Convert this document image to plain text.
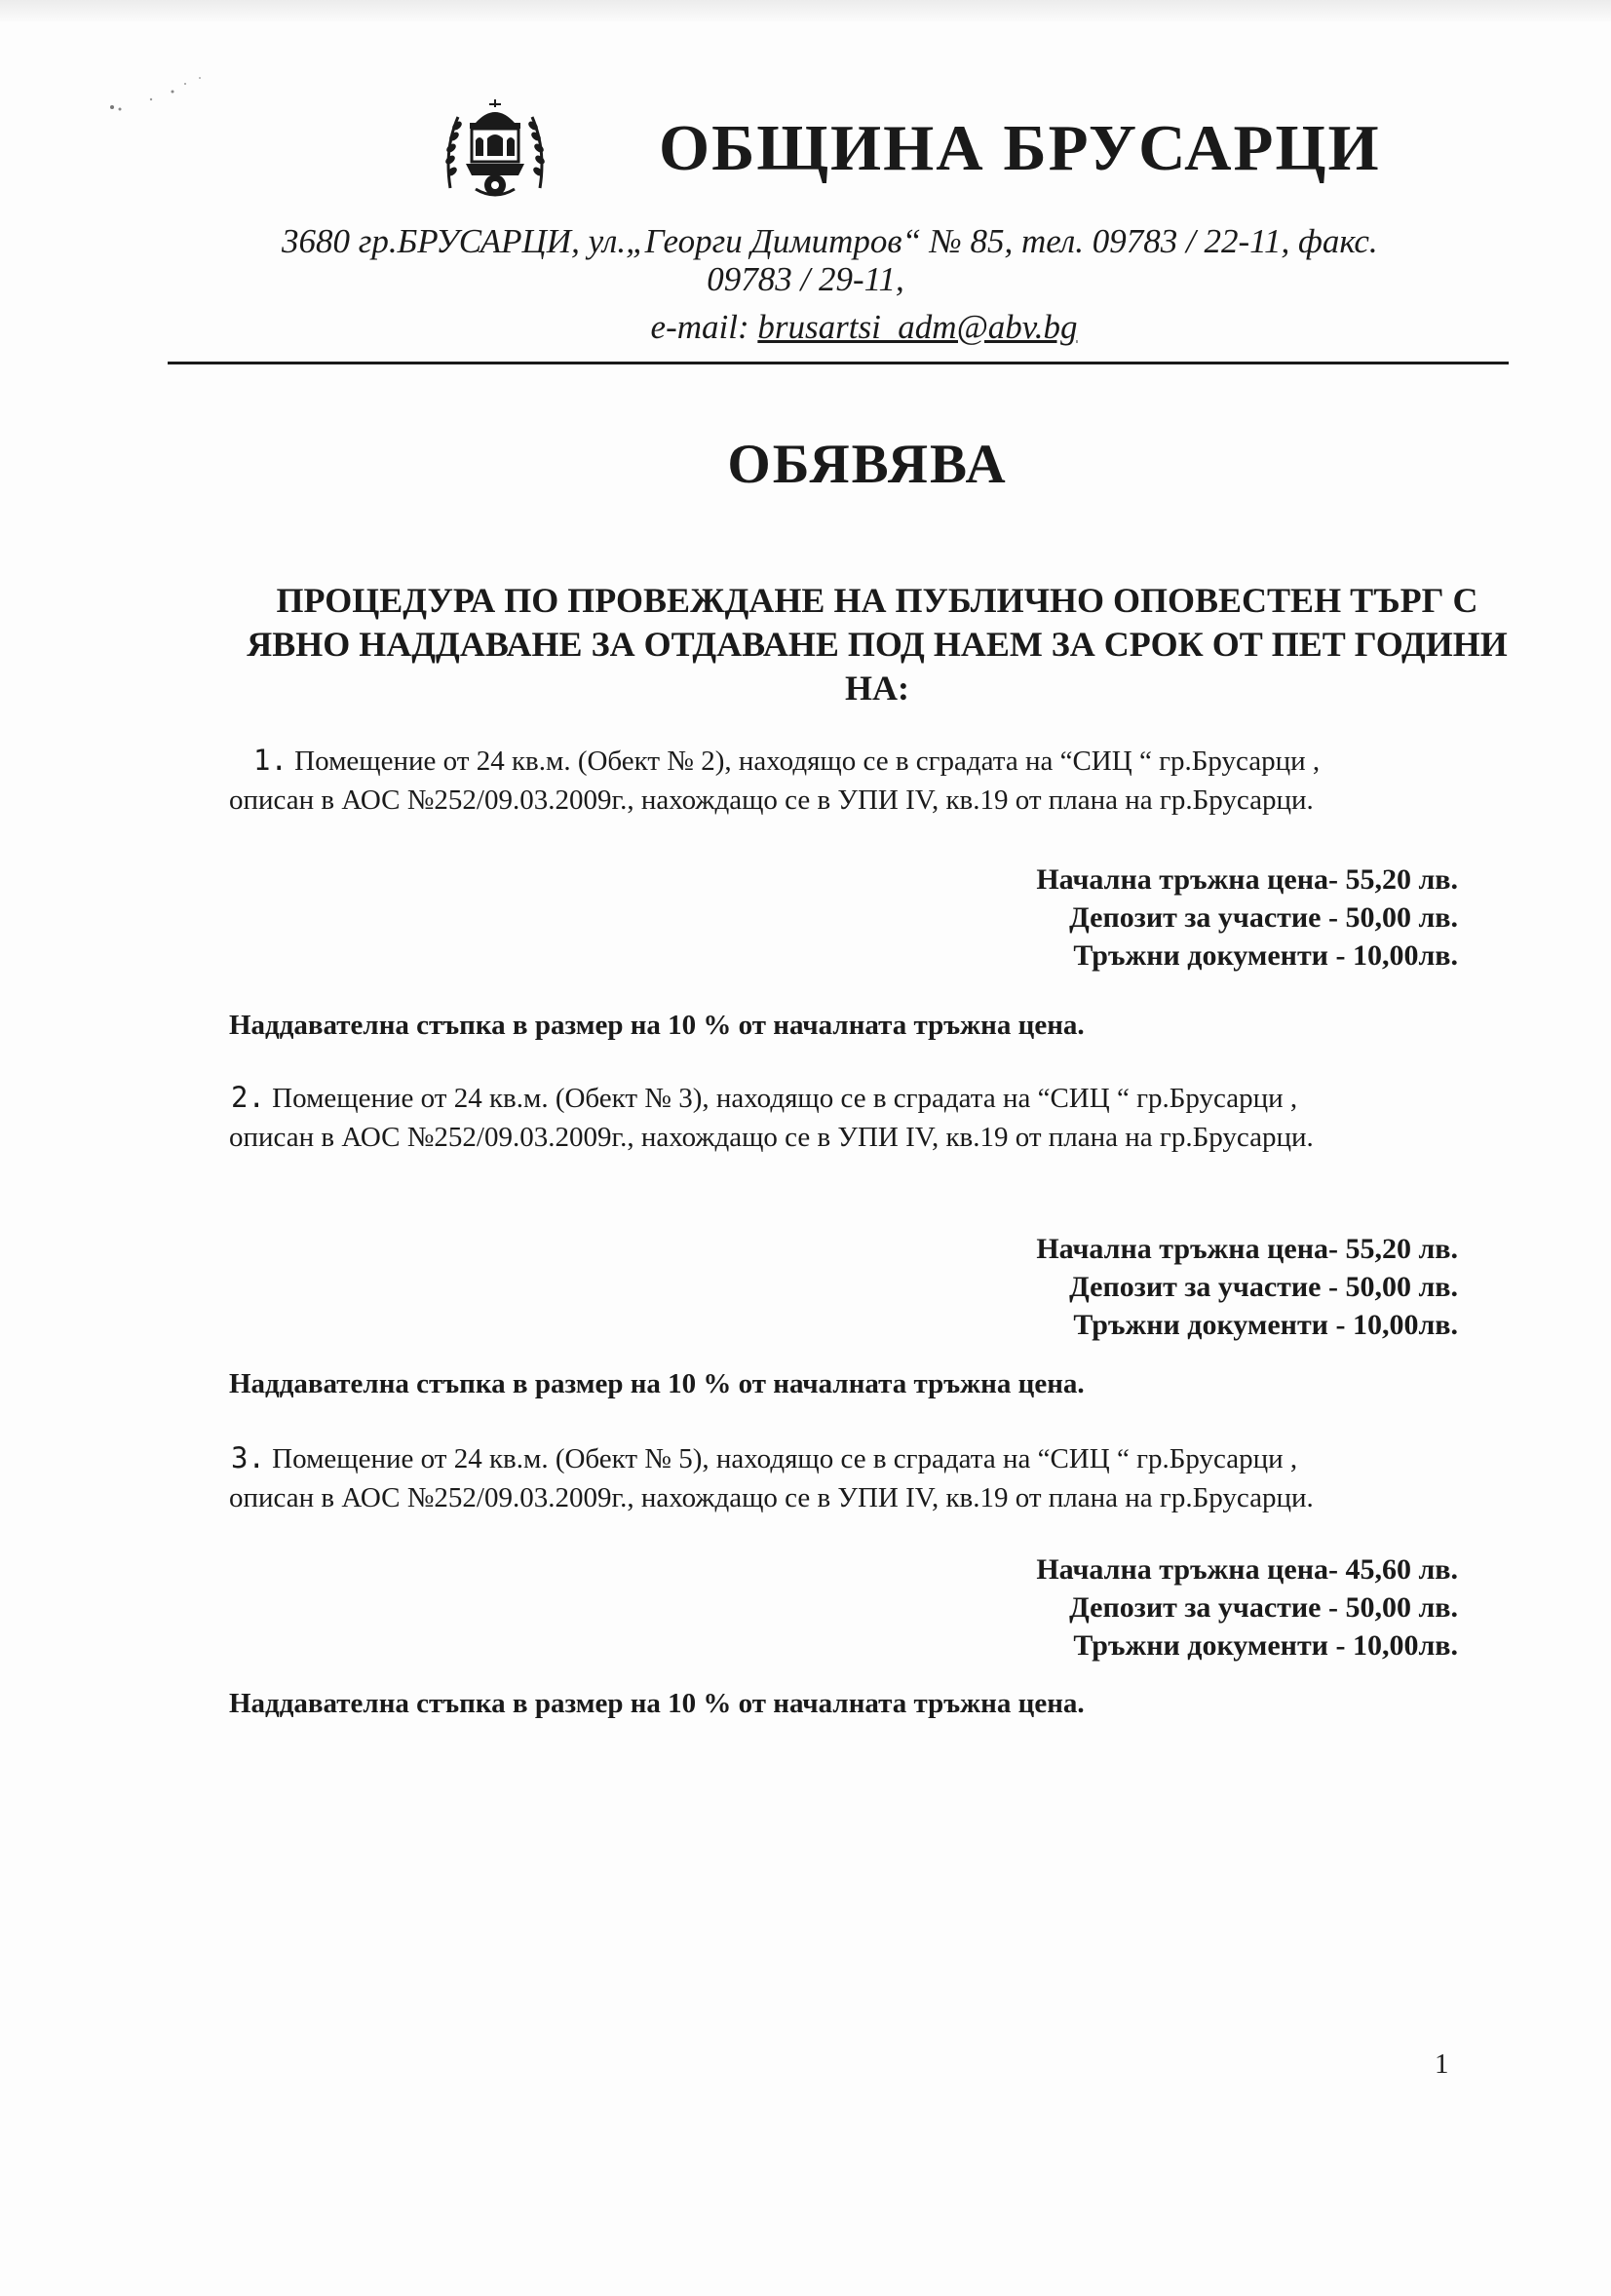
ОБЩИНА БРУСАРЦИ
3680 гр.БРУСАРЦИ, ул.„Георги Димитров“ № 85, тел. 09783 / 22-11, факс.
09783 / 29-11,
e-mail: brusartsi_adm@abv.bg
ОБЯВЯВА
ПРОЦЕДУРА ПО ПРОВЕЖДАНЕ НА ПУБЛИЧНО ОПОВЕСТЕН ТЪРГ С ЯВНО НАДДАВАНЕ ЗА ОТДАВАНЕ ПОД НАЕМ ЗА СРОК ОТ ПЕТ ГОДИНИ НА:
1. Помещение от 24 кв.м. (Обект № 2), находящо се в сградата на “СИЦ “ гр.Брусарци ,
описан в АОС №252/09.03.2009г., нахождащо се в УПИ IV, кв.19 от плана на гр.Брусарци.
Начална тръжна цена- 55,20 лв.
Депозит за участие - 50,00 лв.
Тръжни документи - 10,00лв.
Наддавателна стъпка в размер на 10 % от началната тръжна цена.
2. Помещение от 24 кв.м. (Обект № 3), находящо се в сградата на “СИЦ “ гр.Брусарци ,
описан в АОС №252/09.03.2009г., нахождащо се в УПИ IV, кв.19 от плана на гр.Брусарци.
Начална тръжна цена- 55,20 лв.
Депозит за участие - 50,00 лв.
Тръжни документи - 10,00лв.
Наддавателна стъпка в размер на 10 % от началната тръжна цена.
3. Помещение от 24 кв.м. (Обект № 5), находящо се в сградата на “СИЦ “ гр.Брусарци ,
описан в АОС №252/09.03.2009г., нахождащо се в УПИ IV, кв.19 от плана на гр.Брусарци.
Начална тръжна цена- 45,60 лв.
Депозит за участие - 50,00 лв.
Тръжни документи - 10,00лв.
Наддавателна стъпка в размер на 10 % от началната тръжна цена.
1
